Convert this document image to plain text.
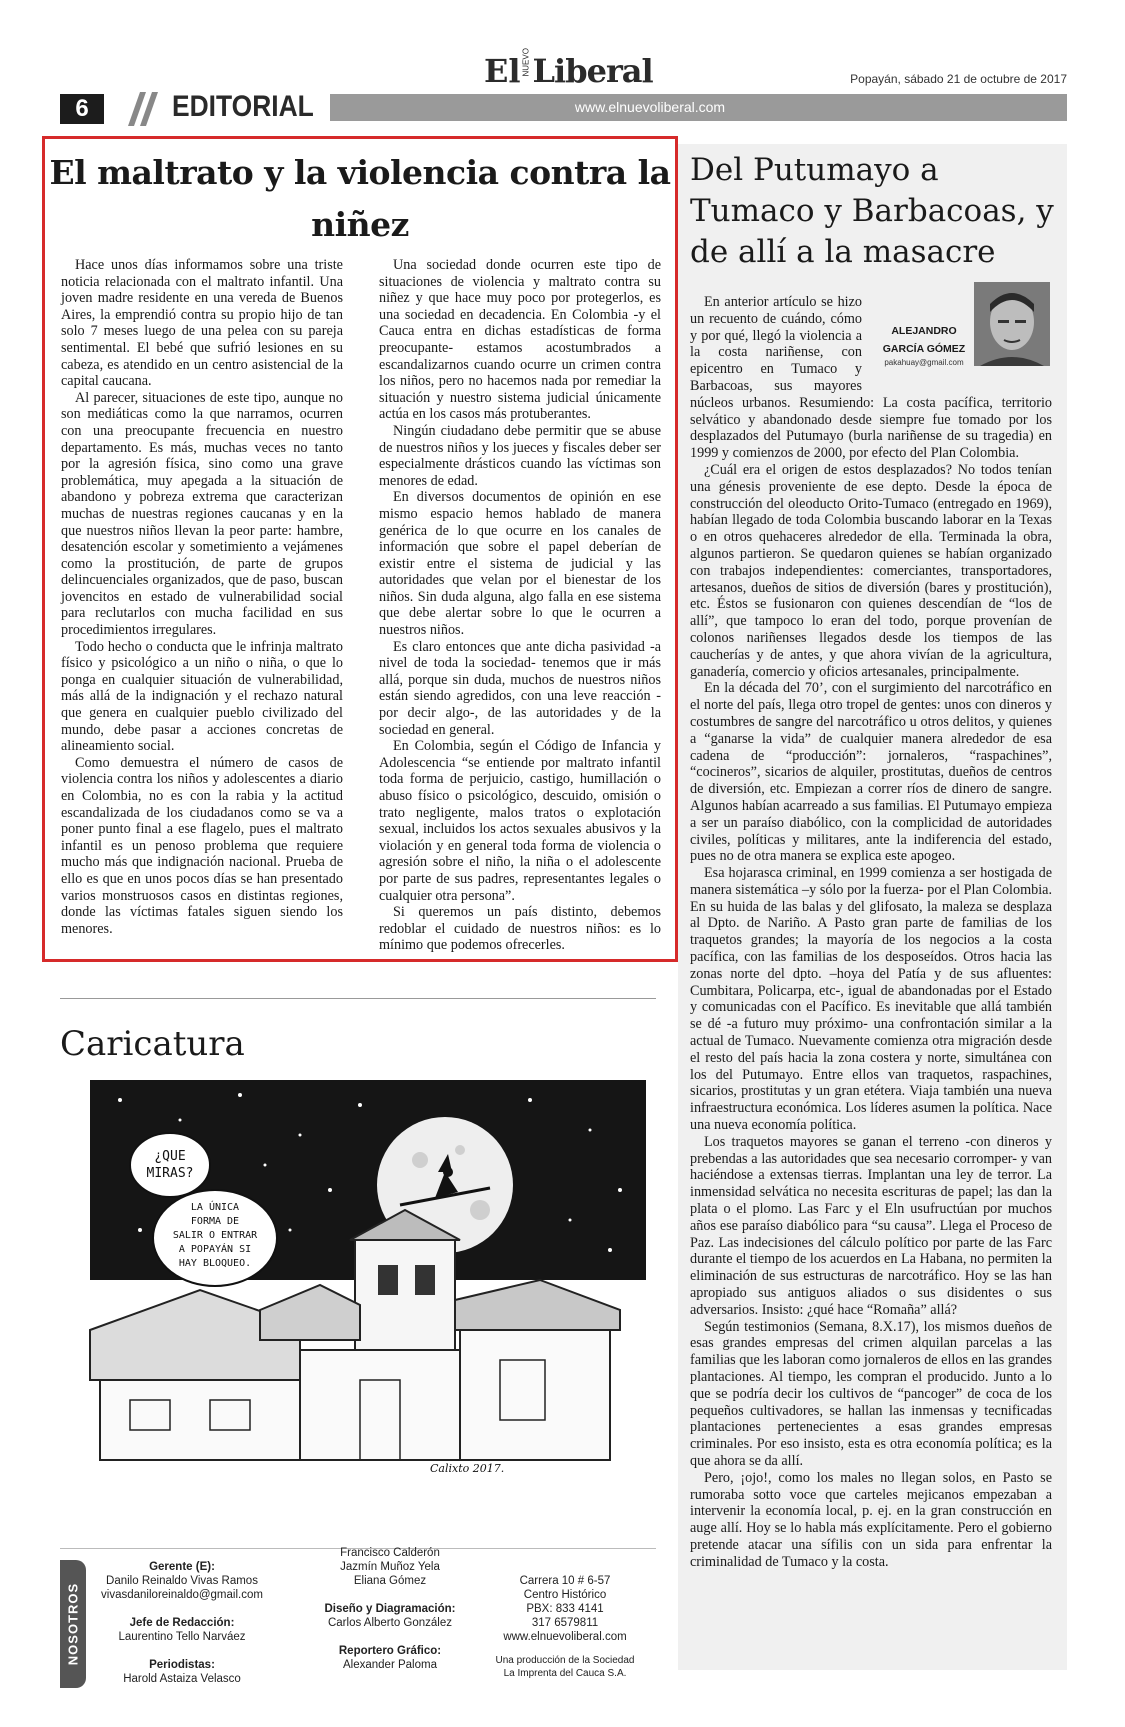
6	EDITORIAL	www.elnuevoliberal.com
ElNUEVOLiberal	Popayán, sábado 21 de octubre de 2017
El maltrato y la violencia contra la niñez

Hace unos días informamos sobre una triste noticia relacionada con el maltrato infantil. Una joven madre residente en una vereda de Buenos Aires, la emprendió contra su propio hijo de tan solo 7 meses luego de una pelea con su pareja sentimental. El bebé que sufrió lesiones en su cabeza, es atendido en un centro asistencial de la capital caucana.

Al parecer, situaciones de este tipo, aunque no son mediáticas como la que narramos, ocurren con una preocupante frecuencia en nuestro departamento. Es más, muchas veces no tanto por la agresión física, sino como una grave problemática, muy apegada a la situación de abandono y pobreza extrema que caracterizan muchas de nuestras regiones caucanas y en la que nuestros niños llevan la peor parte: hambre, desatención escolar y sometimiento a vejámenes como la prostitución, de parte de grupos delincuenciales organizados, que de paso, buscan jovencitos en estado de vulnerabilidad social para reclutarlos con mucha facilidad en sus procedimientos irregulares.

Todo hecho o conducta que le infrinja maltrato físico y psicológico a un niño o niña, o que lo ponga en cualquier situación de vulnerabilidad, más allá de la indignación y el rechazo natural que genera en cualquier pueblo civilizado del mundo, debe pasar a acciones concretas de alineamiento social.

Como demuestra el número de casos de violencia contra los niños y adolescentes a diario en Colombia, no es con la rabia y la actitud escandalizada de los ciudadanos como se va a poner punto final a ese flagelo, pues el maltrato infantil es un penoso problema que requiere mucho más que indignación nacional. Prueba de ello es que en unos pocos días se han presentado varios monstruosos casos en distintas regiones, donde las víctimas fatales siguen siendo los menores.

Una sociedad donde ocurren este tipo de situaciones de violencia y maltrato contra su niñez y que hace muy poco por protegerlos, es una sociedad en decadencia. En Colombia -y el Cauca entra en dichas estadísticas de forma preocupante- estamos acostumbrados a escandalizarnos cuando ocurre un crimen contra los niños, pero no hacemos nada por remediar la situación y nuestro sistema judicial únicamente actúa en los casos más protuberantes.

Ningún ciudadano debe permitir que se abuse de nuestros niños y los jueces y fiscales deber ser especialmente drásticos cuando las víctimas son menores de edad.

En diversos documentos de opinión en ese mismo espacio hemos hablado de manera genérica de lo que ocurre en los canales de información que sobre el papel deberían de existir entre el sistema de judicial y las autoridades que velan por el bienestar de los niños. Sin duda alguna, algo falla en ese sistema que debe alertar sobre lo que le ocurren a nuestros niños.

Es claro entonces que ante dicha pasividad -a nivel de toda la sociedad- tenemos que ir más allá, porque sin duda, muchos de nuestros niños están siendo agredidos, con una leve reacción -por decir algo-, de las autoridades y de la sociedad en general.

En Colombia, según el Código de Infancia y Adolescencia “se entiende por maltrato infantil toda forma de perjuicio, castigo, humillación o abuso físico o psicológico, descuido, omisión o trato negligente, malos tratos o explotación sexual, incluidos los actos sexuales abusivos y la violación y en general toda forma de violencia o agresión sobre el niño, la niña o el adolescente por parte de sus padres, representantes legales o cualquier otra persona”.

Si queremos un país distinto, debemos redoblar el cuidado de nuestros niños: es lo mínimo que podemos ofrecerles.

Caricatura
¿QUE
MIRAS?
LA ÚNICA
FORMA DE
SALIR O ENTRAR
A POPAYÁN SI
HAY BLOQUEO.
Calixto 2017.
NOSOTROS
Gerente (E):
Danilo Reinaldo Vivas Ramos
vivasdaniloreinaldo@gmail.com
Jefe de Redacción:
Laurentino Tello Narváez
Periodistas:
Harold Astaiza Velasco
Francisco Calderón
Jazmín Muñoz Yela
Eliana Gómez
Diseño y Diagramación:
Carlos Alberto González
Reportero Gráfico:
Alexander Paloma
Carrera 10 # 6-57
Centro Histórico
PBX: 833 4141
317 6579811
www.elnuevoliberal.com
Una producción de la Sociedad
La Imprenta del Cauca S.A.
Del Putumayo a Tumaco y Barbacoas, y de allí a la masacre
ALEJANDRO
GARCÍA GÓMEZ
pakahuay@gmail.com

En anterior artículo se hizo un recuento de cuándo, cómo y por qué, llegó la violencia a la costa nariñense, con epicentro en Tumaco y Barbacoas, sus mayores núcleos urbanos. Resumiendo: La costa pacífica, territorio selvático y abandonado desde siempre fue tomado por los desplazados del Putumayo (burla nariñense de su tragedia) en 1999 y comienzos de 2000, por efecto del Plan Colombia.

¿Cuál era el origen de estos desplazados? No todos tenían una génesis proveniente de ese depto. Desde la época de construcción del oleoducto Orito-Tumaco (entregado en 1969), habían llegado de toda Colombia buscando laborar en la Texas o en otros quehaceres alrededor de ella. Terminada la obra, algunos partieron. Se quedaron quienes se habían organizado con trabajos independientes: comerciantes, transportadores, artesanos, dueños de sitios de diversión (bares y prostitución), etc. Éstos se fusionaron con quienes descendían de “los de allí”, que tampoco lo eran del todo, porque provenían de colonos nariñenses llegados desde los tiempos de las caucherías y de antes, y que ahora vivían de la agricultura, ganadería, comercio y oficios artesanales, principalmente.

En la década del 70’, con el surgimiento del narcotráfico en el norte del país, llega otro tropel de gentes: unos con dineros y costumbres de sangre del narcotráfico u otros delitos, y quienes a “ganarse la vida” de cualquier manera alrededor de esa cadena de “producción”: jornaleros, “raspachines”, “cocineros”, sicarios de alquiler, prostitutas, dueños de centros de diversión, etc. Empiezan a correr ríos de dinero de sangre. Algunos habían acarreado a sus familias. El Putumayo empieza a ser un paraíso diabólico, con la complicidad de autoridades civiles, políticas y militares, ante la indiferencia del estado, pues no de otra manera se explica este apogeo.

Esa hojarasca criminal, en 1999 comienza a ser hostigada de manera sistemática –y sólo por la fuerza- por el Plan Colombia. En su huida de las balas y del glifosato, la maleza se desplaza al Dpto. de Nariño. A Pasto gran parte de familias de los traquetos grandes; la mayoría de los negocios a la costa pacífica, con las familias de los desposeídos. Otros hacia las zonas norte del dpto. –hoya del Patía y de sus afluentes: Cumbitara, Policarpa, etc-, igual de abandonadas por el Estado y comunicadas con el Pacífico. Es inevitable que allá también se dé -a futuro muy próximo- una confrontación similar a la actual de Tumaco. Nuevamente comienza otra migración desde el resto del país hacia la zona costera y norte, simultánea con los del Putumayo. Entre ellos van traquetos, raspachines, sicarios, prostitutas y un gran etétera. Viaja también una nueva infraestructura económica. Los líderes asumen la política. Nace una nueva economía política.

Los traquetos mayores se ganan el terreno -con dineros y prebendas a las autoridades que sea necesario corromper- y van haciéndose a extensas tierras. Implantan una ley de terror. La inmensidad selvática no necesita escrituras de papel; las dan la plata o el plomo. Las Farc y el Eln usufructúan por muchos años ese paraíso diabólico para “su causa”. Llega el Proceso de Paz. Las indecisiones del cálculo político por parte de las Farc durante el tiempo de los acuerdos en La Habana, no permiten la eliminación de sus estructuras de narcotráfico. Hoy se las han apropiado sus antiguos aliados o sus disidentes o sus adversarios. Insisto: ¿qué hace “Romaña” allá?

Según testimonios (Semana, 8.X.17), los mismos dueños de esas grandes empresas del crimen alquilan parcelas a las familias que les laboran como jornaleros de ellos en las grandes plantaciones. Al tiempo, les compran el producido. Junto a lo que se podría decir los cultivos de “pancoger” de coca de los pequeños cultivadores, se hallan las inmensas y tecnificadas plantaciones pertenecientes a esas grandes empresas criminales. Por eso insisto, esta es otra economía política; es la que ahora se da allí.

Pero, ¡ojo!, como los males no llegan solos, en Pasto se rumoraba sotto voce que carteles mejicanos empezaban a intervenir la economía local, p. ej. en la gran construcción en auge allí. Hoy se lo habla más explícitamente. Pero el gobierno pretende atacar una sífilis con un sida para enfrentar la criminalidad de Tumaco y la costa.
